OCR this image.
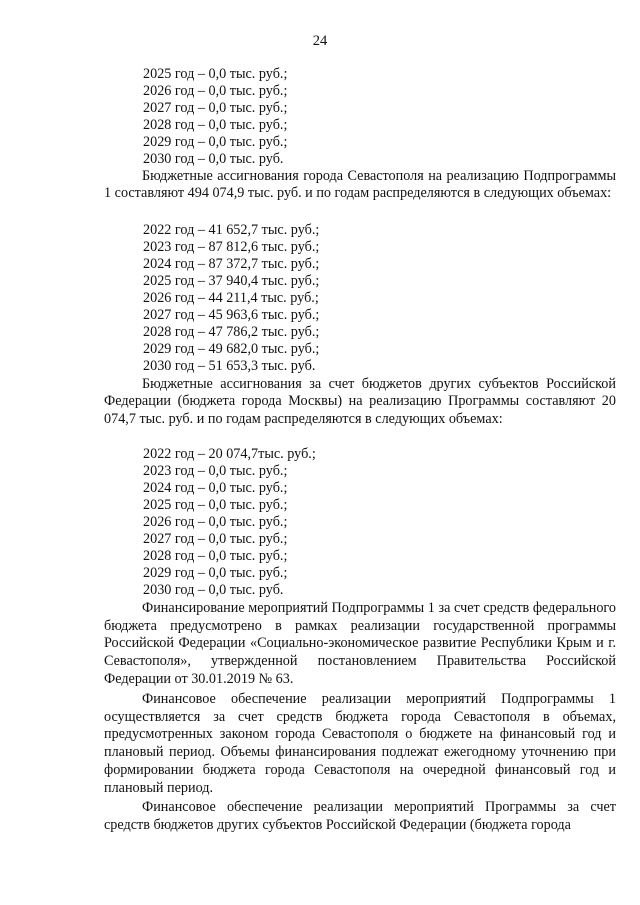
24
2025 год – 0,0 тыс. руб.;
2026 год – 0,0 тыс. руб.;
2027 год – 0,0 тыс. руб.;
2028 год – 0,0 тыс. руб.;
2029 год – 0,0 тыс. руб.;
2030 год – 0,0 тыс. руб.
Бюджетные ассигнования города Севастополя на реализацию Подпрограммы 1 составляют 494 074,9 тыс. руб. и по годам распределяются в следующих объемах:
2022 год – 41 652,7 тыс. руб.;
2023 год – 87 812,6 тыс. руб.;
2024 год – 87 372,7 тыс. руб.;
2025 год – 37 940,4 тыс. руб.;
2026 год – 44 211,4 тыс. руб.;
2027 год – 45 963,6 тыс. руб.;
2028 год – 47 786,2 тыс. руб.;
2029 год – 49 682,0 тыс. руб.;
2030 год – 51 653,3 тыс. руб.
Бюджетные ассигнования за счет бюджетов других субъектов Российской Федерации (бюджета города Москвы) на реализацию Программы составляют 20 074,7 тыс. руб. и по годам распределяются в следующих объемах:
2022 год – 20 074,7тыс. руб.;
2023 год – 0,0 тыс. руб.;
2024 год – 0,0 тыс. руб.;
2025 год – 0,0 тыс. руб.;
2026 год – 0,0 тыс. руб.;
2027 год – 0,0 тыс. руб.;
2028 год – 0,0 тыс. руб.;
2029 год – 0,0 тыс. руб.;
2030 год – 0,0 тыс. руб.
Финансирование мероприятий Подпрограммы 1 за счет средств федерального бюджета предусмотрено в рамках реализации государственной программы Российской Федерации «Социально-экономическое развитие Республики Крым и г. Севастополя», утвержденной постановлением Правительства Российской Федерации от 30.01.2019 № 63.
Финансовое обеспечение реализации мероприятий Подпрограммы 1 осуществляется за счет средств бюджета города Севастополя в объемах, предусмотренных законом города Севастополя о бюджете на финансовый год и плановый период. Объемы финансирования подлежат ежегодному уточнению при формировании бюджета города Севастополя на очередной финансовый год и плановый период.
Финансовое обеспечение реализации мероприятий Программы за счет средств бюджетов других субъектов Российской Федерации (бюджета города
